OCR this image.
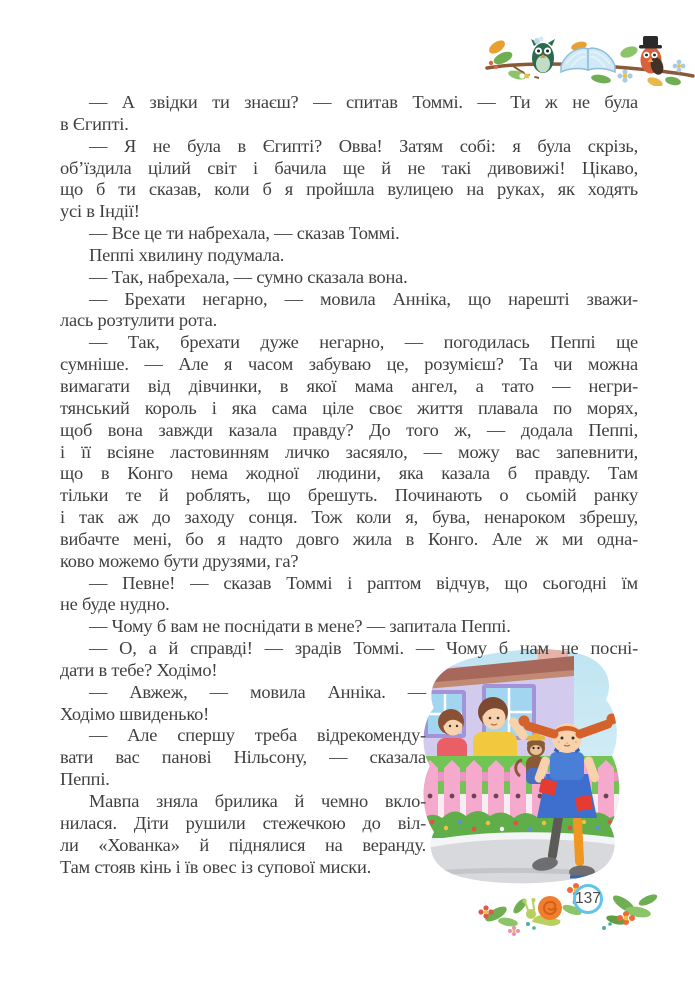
— А звідки ти знаєш? — спитав Томмі. — Ти ж не була
в Єгипті.
— Я не була в Єгипті? Овва! Затям собі: я була скрізь,
об’їздила цілий світ і бачила ще й не такі дивовижі! Цікаво,
що б ти сказав, коли б я пройшла вулицею на руках, як ходять
усі в Індії!
— Все це ти набрехала, — сказав Томмі.
Пеппі хвилину подумала.
— Так, набрехала, — сумно сказала вона.
— Брехати негарно, — мовила Анніка, що нарешті зважи-
лась розтулити рота.
— Так, брехати дуже негарно, — погодилась Пеппі ще
сумніше. — Але я часом забуваю це, розумієш? Та чи можна
вимагати від дівчинки, в якої мама ангел, а тато — негри-
тянський король і яка сама ціле своє життя плавала по морях,
щоб вона завжди казала правду? До того ж, — додала Пеппі,
і її всіяне ластовинням личко засяяло, — можу вас запевнити,
що в Конго нема жодної людини, яка казала б правду. Там
тільки те й роблять, що брешуть. Починають о сьомій ранку
і так аж до заходу сонця. Тож коли я, бува, ненароком збрешу,
вибачте мені, бо я надто довго жила в Конго. Але ж ми одна-
ково можемо бути друзями, га?
— Певне! — сказав Томмі і раптом відчув, що сьогодні їм
не буде нудно.
— Чому б вам не поснідати в мене? — запитала Пеппі.
— О, а й справді! — зрадів Томмі. — Чому б нам не посні-
дати в тебе? Ходімо!
— Авжеж, — мовила Анніка. —
Ходімо швиденько!
— Але спершу треба відрекоменду-
вати вас панові Нільсону, — сказала
Пеппі.
Мавпа зняла брилика й чемно вкло-
нилася. Діти рушили стежечкою до віл-
ли «Хованка» й піднялися на веранду.
Там стояв кінь і їв овес із супової миски.
137
